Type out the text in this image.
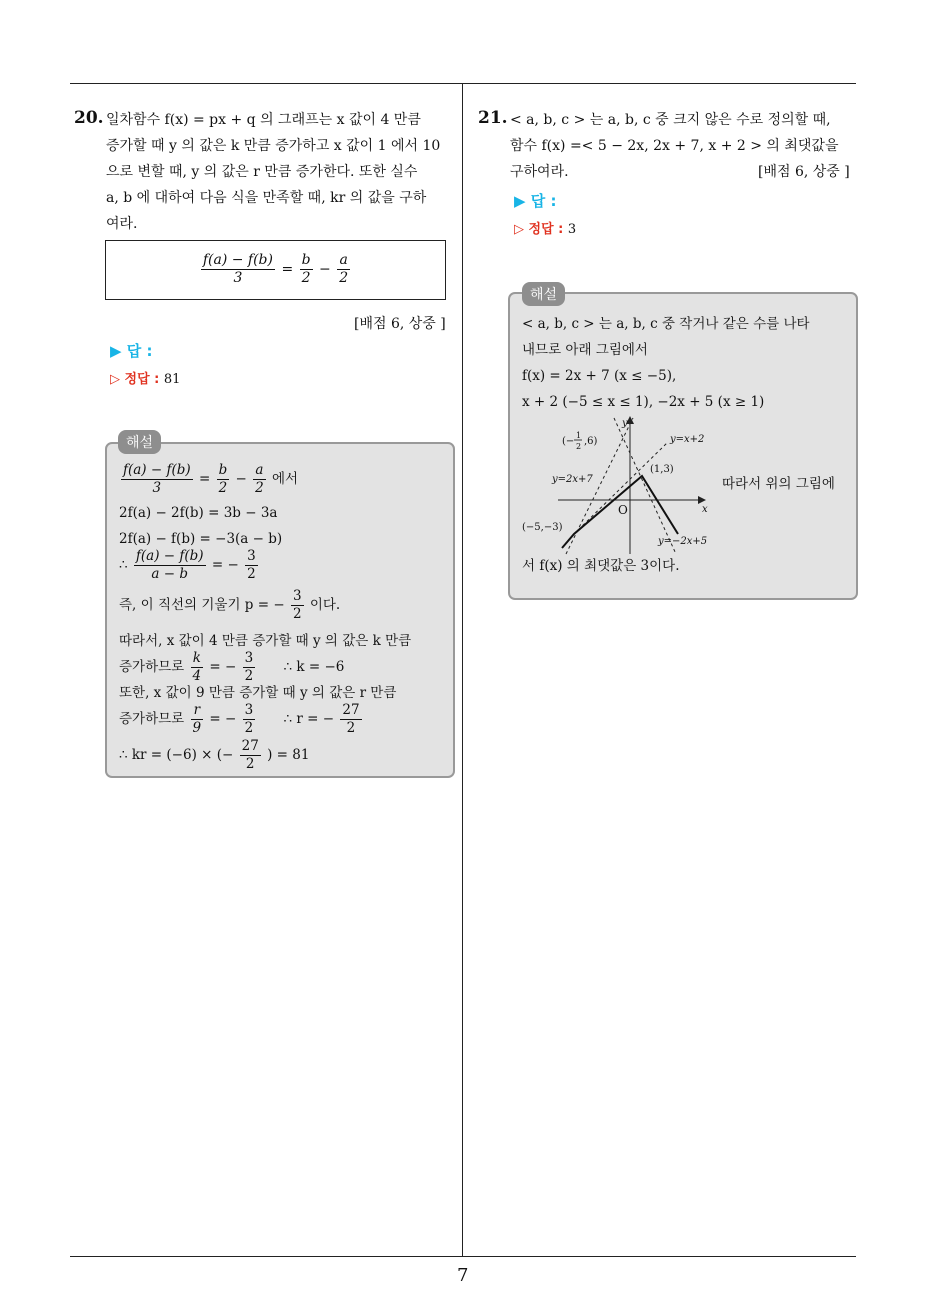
20. 일차함수 f(x) = px + q 의 그래프는 x 값이 4 만큼
증가할 때 y 의 값은 k 만큼 증가하고 x 값이 1 에서 10
으로 변할 때, y 의 값은 r 만큼 증가한다. 또한 실수
a, b 에 대하여 다음 식을 만족할 때, kr 의 값을 구하
여라.
$\frac{f(a) - f(b)}{3} = \frac{b}{2} - \frac{a}{2}$
[배점 6, 상중 ]
▶ 답 :
▷ 정답 : 81
$\frac{f(a) - f(b)}{3} = \frac{b}{2} - \frac{a}{2}$ 에서
2f(a) − 2f(b) = 3b − 3a
2f(a) − f(b) = −3(a − b)
∴ $\frac{f(a) - f(b)}{a - b}$ = − $\frac{3}{2}$
즉, 이 직선의 기울기 p = − $\frac{3}{2}$ 이다.
따라서, x 값이 4 만큼 증가할 때 y 의 값은 k 만큼
증가하므로 $\frac{k}{4}$ = − $\frac{3}{2}$ ∴ k = −6
또한, x 값이 9 만큼 증가할 때 y 의 값은 r 만큼
증가하므로 $\frac{r}{9}$ = − $\frac{3}{2}$ ∴ r = − $\frac{27}{2}$
∴ kr = (−6) × (− $\frac{27}{2}$ ) = 81
해설
21. < a, b, c > 는 a, b, c 중 크지 않은 수로 정의할 때,
함수 f(x) =< 5 − 2x, 2x + 7, x + 2 > 의 최댓값을
구하여라.	[배점 6, 상중 ]
▶ 답 :
▷ 정답 : 3
< a, b, c > 는 a, b, c 중 작거나 같은 수를 나타
내므로 아래 그림에서
f(x) = 2x + 7 (x ≤ −5),
x + 2 (−5 ≤ x ≤ 1), −2x + 5 (x ≥ 1)
y
x
O
(−
1
2 ,6)	y=x+2
(1,3)
y=2x+7
(−5,−3)
y=−2x+5
따라서 위의 그림에
서 f(x) 의 최댓값은 3이다.
해설
7
